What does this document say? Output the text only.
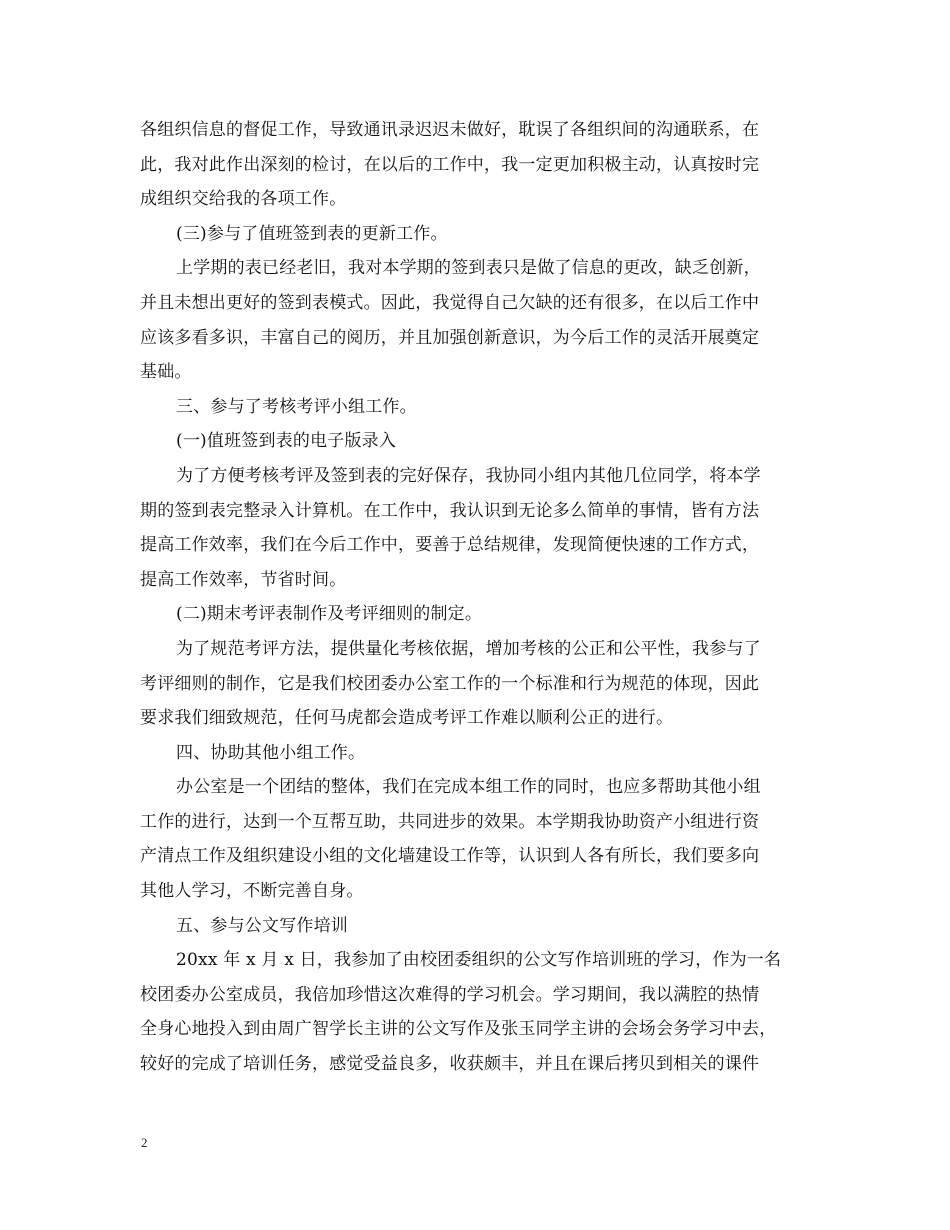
各组织信息的督促工作，导致通讯录迟迟未做好，耽误了各组织间的沟通联系，在
此，我对此作出深刻的检讨，在以后的工作中，我一定更加积极主动，认真按时完
成组织交给我的各项工作。
(三)参与了值班签到表的更新工作。
上学期的表已经老旧，我对本学期的签到表只是做了信息的更改，缺乏创新，
并且未想出更好的签到表模式。因此，我觉得自己欠缺的还有很多，在以后工作中
应该多看多识，丰富自己的阅历，并且加强创新意识，为今后工作的灵活开展奠定
基础。
三、参与了考核考评小组工作。
(一)值班签到表的电子版录入
为了方便考核考评及签到表的完好保存，我协同小组内其他几位同学，将本学
期的签到表完整录入计算机。在工作中，我认识到无论多么简单的事情，皆有方法
提高工作效率，我们在今后工作中，要善于总结规律，发现简便快速的工作方式，
提高工作效率，节省时间。
(二)期末考评表制作及考评细则的制定。
为了规范考评方法，提供量化考核依据，增加考核的公正和公平性，我参与了
考评细则的制作，它是我们校团委办公室工作的一个标准和行为规范的体现，因此
要求我们细致规范，任何马虎都会造成考评工作难以顺利公正的进行。
四、协助其他小组工作。
办公室是一个团结的整体，我们在完成本组工作的同时，也应多帮助其他小组
工作的进行，达到一个互帮互助，共同进步的效果。本学期我协助资产小组进行资
产清点工作及组织建设小组的文化墙建设工作等，认识到人各有所长，我们要多向
其他人学习，不断完善自身。
五、参与公文写作培训
20xx 年 x 月 x 日，我参加了由校团委组织的公文写作培训班的学习，作为一名
校团委办公室成员，我倍加珍惜这次难得的学习机会。学习期间，我以满腔的热情
全身心地投入到由周广智学长主讲的公文写作及张玉同学主讲的会场会务学习中去，
较好的完成了培训任务，感觉受益良多，收获颇丰，并且在课后拷贝到相关的课件
2
